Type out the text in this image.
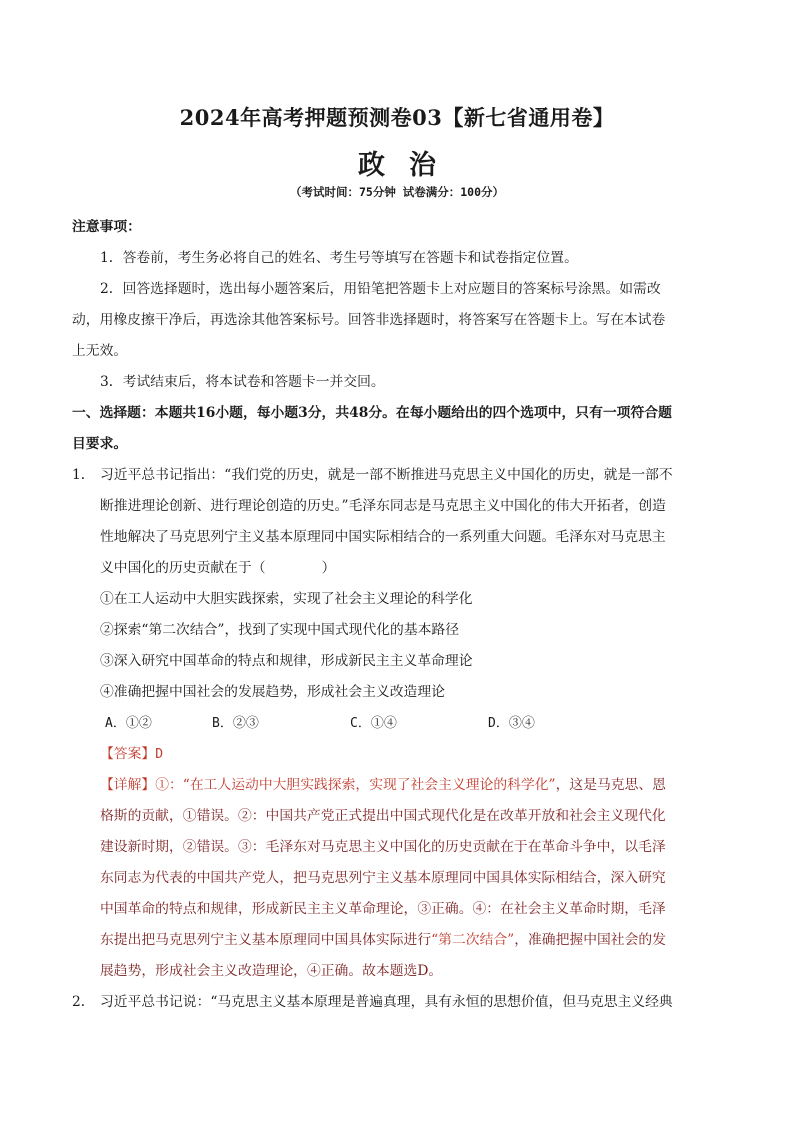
2024年高考押题预测卷03【新七省通用卷】
政治
（考试时间：75分钟 试卷满分：100分）

注意事项：

1．答卷前，考生务必将自己的姓名、考生号等填写在答题卡和试卷指定位置。

2．回答选择题时，选出每小题答案后，用铅笔把答题卡上对应题目的答案标号涂黑。如需改动，用橡皮擦干净后，再选涂其他答案标号。回答非选择题时，将答案写在答题卡上。写在本试卷上无效。

3．考试结束后，将本试卷和答题卡一并交回。

一、选择题：本题共16小题，每小题3分，共48分。在每小题给出的四个选项中，只有一项符合题目要求。

1． 习近平总书记指出：“我们党的历史，就是一部不断推进马克思主义中国化的历史，就是一部不断推进理论创新、进行理论创造的历史。”毛泽东同志是马克思主义中国化的伟大开拓者，创造性地解决了马克思列宁主义基本原理同中国实际相结合的一系列重大问题。毛泽东对马克思主义中国化的历史贡献在于（	）

①在工人运动中大胆实践探索，实现了社会主义理论的科学化

②探索“第二次结合”，找到了实现中国式现代化的基本路径

③深入研究中国革命的特点和规律，形成新民主主义革命理论

④准确把握中国社会的发展趋势，形成社会主义改造理论

A．①②	B．②③	C．①④	D．③④

【答案】D

【详解】①：“在工人运动中大胆实践探索，实现了社会主义理论的科学化”，这是马克思、恩格斯的贡献，①错误。②：中国共产党正式提出中国式现代化是在改革开放和社会主义现代化建设新时期，②错误。③：毛泽东对马克思主义中国化的历史贡献在于在革命斗争中，以毛泽东同志为代表的中国共产党人，把马克思列宁主义基本原理同中国具体实际相结合，深入研究中国革命的特点和规律，形成新民主主义革命理论，③正确。④：在社会主义革命时期，毛泽东提出把马克思列宁主义基本原理同中国具体实际进行“第二次结合”，准确把握中国社会的发展趋势，形成社会主义改造理论，④正确。故本题选D。

2． 习近平总书记说：“马克思主义基本原理是普遍真理，具有永恒的思想价值，但马克思主义经典
